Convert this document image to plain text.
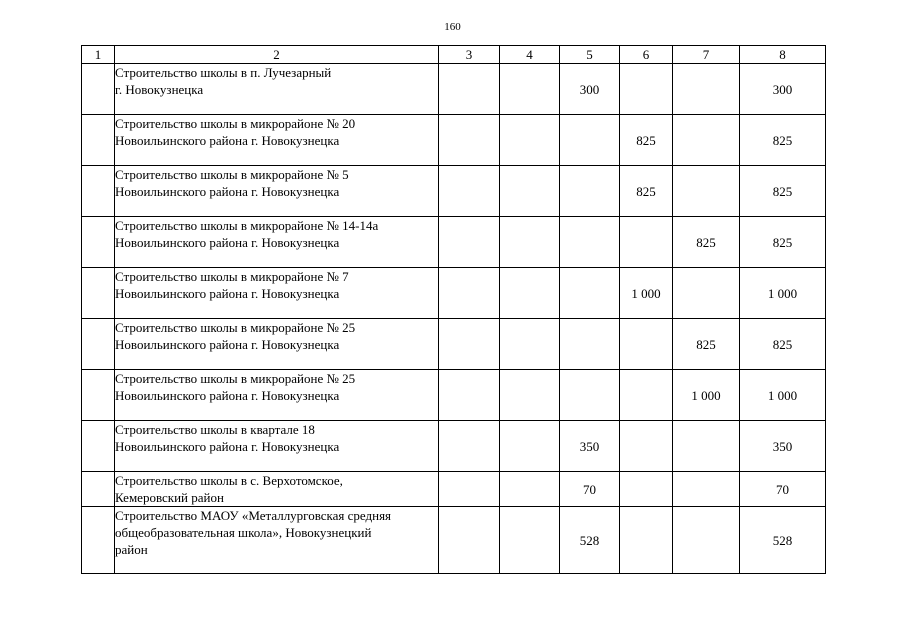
160
1	2	3	4	5	6	7	8

	Строительство школы в п. Лучезарный
г. Новокузнецка			300			300

	Строительство школы в микрорайоне № 20
Новоильинского района г. Новокузнецка				825		825

	Строительство школы в микрорайоне № 5
Новоильинского района г. Новокузнецка				825		825

	Строительство школы в микрорайоне № 14-14а
Новоильинского района г. Новокузнецка					825	825

	Строительство школы в микрорайоне № 7
Новоильинского района г. Новокузнецка				1 000		1 000

	Строительство школы в микрорайоне № 25
Новоильинского района г. Новокузнецка					825	825

	Строительство школы в микрорайоне № 25
Новоильинского района г. Новокузнецка					1 000	1 000

	Строительство школы в квартале 18
Новоильинского района г. Новокузнецка			350			350

	Строительство школы в с. Верхотомское,
Кемеровский район			70			70

	Строительство МАОУ «Металлурговская средняя
общеобразовательная школа», Новокузнецкий
район			528			528
